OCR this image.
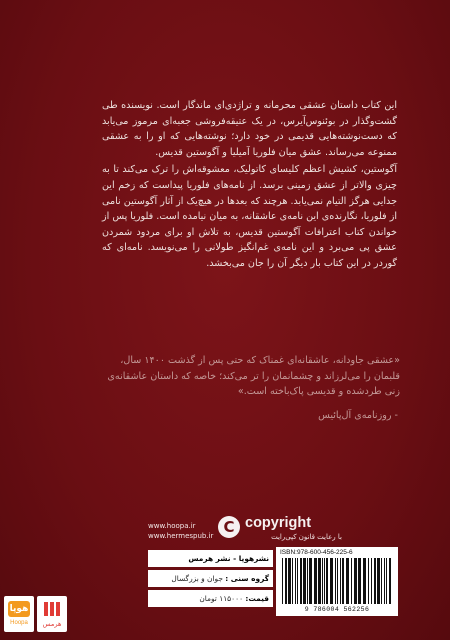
این کتاب داستان عشقی محرمانه و تراژدی‌ای ماندگار است. نویسنده طی گشت‌وگذار در بوئنوس‌آیرس، در یک عتیقه‌فروشی جعبه‌ای مرموز می‌یابد که دست‌نوشته‌هایی قدیمی در خود دارد؛ نوشته‌هایی که او را به عشقی ممنوعه می‌رساند. عشق میان فلوریا آمیلیا و آگوستین قدیس.

آگوستین، کشیش اعظم کلیسای کاتولیک، معشوقه‌اش را ترک می‌کند تا به چیزی والاتر از عشق زمینی برسد. از نامه‌های فلوریا پیداست که زخم این جدایی هرگز التیام نمی‌یابد. هرچند که بعدها در هیچ‌یک از آثار آگوستین نامی از فلوریا، نگارنده‌ی این نامه‌ی عاشقانه، به میان نیامده است. فلوریا پس از خواندن کتاب اعترافات آگوستین قدیس، به تلاش او برای مردود شمردن عشق پی می‌برد و این نامه‌ی غم‌انگیز طولانی را می‌نویسد. نامه‌ای که گوردر در این کتاب بار دیگر آن را جان می‌بخشد.

«عشقی جاودانه، عاشقانه‌ای غمناک که حتی پس از گذشت ۱۴۰۰ سال، قلبمان را می‌لرزاند و چشمانمان را تر می‌کند؛ خاصه که داستان عاشقانه‌ی زنی طردشده و قدیسی پاک‌باخته است.»
- روزنامه‌ی آل‌پائیس
www.hoopa.ir
www.hermespub.ir C copyright
با رعایت قانون کپی‌رایت
نشرهوپا - نشر هرمس
گروه سنی : جوان و بزرگسال
قیمت: ۱۱۵۰۰۰ تومان
ISBN:978-600-456-225-6
9 786004 562256
هوپا
Hoopa	هرمس
